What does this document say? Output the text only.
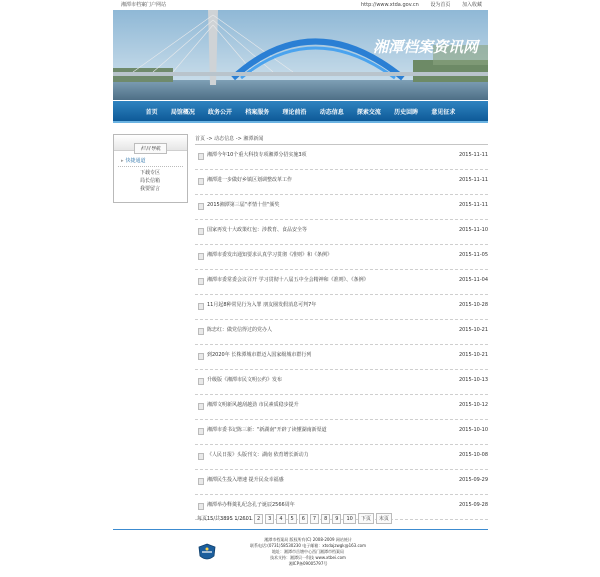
湘潭市档案门户网站	http://www.xtda.gov.cn 设为首页 加入收藏
湘潭档案资讯网
首页 局馆概况 政务公开 档案服务 理论前沿 动态信息 探索交流 历史回眸 意见征求
栏目导航
▸ 快捷通道
下载专区
局长信箱
我要留言
首页 -> 动态信息 -> 湘潭新闻
湘潭今年10个重大科技专项湘潭分招实施3项	2015-11-11
湘潭进一步做好乡镇区划调整改革工作	2015-11-11
2015湘潭第三届"孝情十佳"颁奖	2015-11-11
国家再发十大政策红包：涉教育、食品安全等	2015-11-10
湘潭市委发出通知要求认真学习贯彻《准则》和《条例》	2015-11-05
湘潭市委常委会议召开 学习贯彻十八届五中全会精神和《准则》、《条例》	2015-11-04
11月起8种常见行为入罪 朋友圈发假消息可判7年	2015-10-28
陈忠红：做党信得过的党办人	2015-10-21
到2020年 长株潭城市群迈入国家级城市群行列	2015-10-21
升级版《湘潭市民文明公约》发布	2015-10-13
湘潭文明新风越刮越劲 市民素质稳步提升	2015-10-12
湘潭市委书记陈三新："新湖南"开辟了读懂湖南新渠道	2015-10-10
《人民日报》头版刊文：湖南 依育增长新动力	2015-10-08
湘潭民生投入增速 提升民众幸福感	2015-09-29
湘潭举办释奠礼纪念孔子诞辰2566周年	2015-09-28
每页15/共3895 1/2601	2	3	4	5	6	7	8	9	10	下页	末页
湘潭市档案局 版权所有(C) 2008-2009 网站统计
联系电话:(0731)58530230 电子邮箱：xtsdajzwgk@163.com
地址：湘潭市岳塘中心西门湘潭市档案局
技术支持：湘潭贝一科技 www.xtbei.com
湘ICP备09005797号
